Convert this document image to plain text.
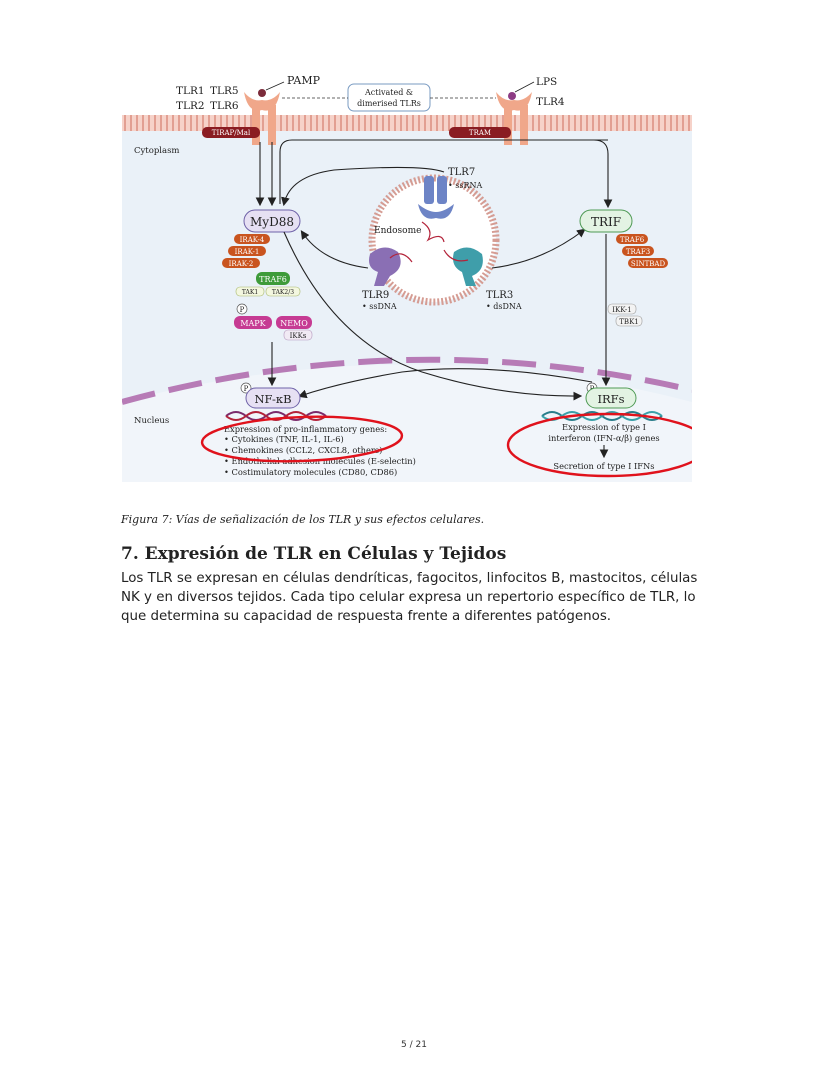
TLR1 TLR5
TLR2 TLR6
PAMP
Activated &
dimerised TLRs
LPS
TLR4
TIRAP/Mal	TRAM
Cytoplasm
Endosome
TLR7
• ssRNA
TLR9
• ssDNA
TLR3
• dsDNA
MyD88	TRIF
IRAK-4
IRAK-1
IRAK-2
TRAF6
TAK1 TAK2/3
P
MAPK NEMO
IKKs
TRAF6
TRAF3
SINTBAD
IKK-1
TBK1
Nucleus
P
NF-κB	IRFs
Expression of pro-inflammatory genes:
• Cytokines (TNF, IL-1, IL-6)
• Chemokines (CCL2, CXCL8, others)
• Endothelial adhesion molecules (E-selectin)
• Costimulatory molecules (CD80, CD86)
Expression of type I
interferon (IFN-α/β) genes
Secretion of type I IFNs
Figura 7: Vías de señalización de los TLR y sus efectos celulares.
7. Expresión de TLR en Células y Tejidos

Los TLR se expresan en células dendríticas, fagocitos, linfocitos B, mastocitos, células NK y en diversos tejidos. Cada tipo celular expresa un repertorio específico de TLR, lo que determina su capacidad de respuesta frente a diferentes patógenos.

5 / 21
